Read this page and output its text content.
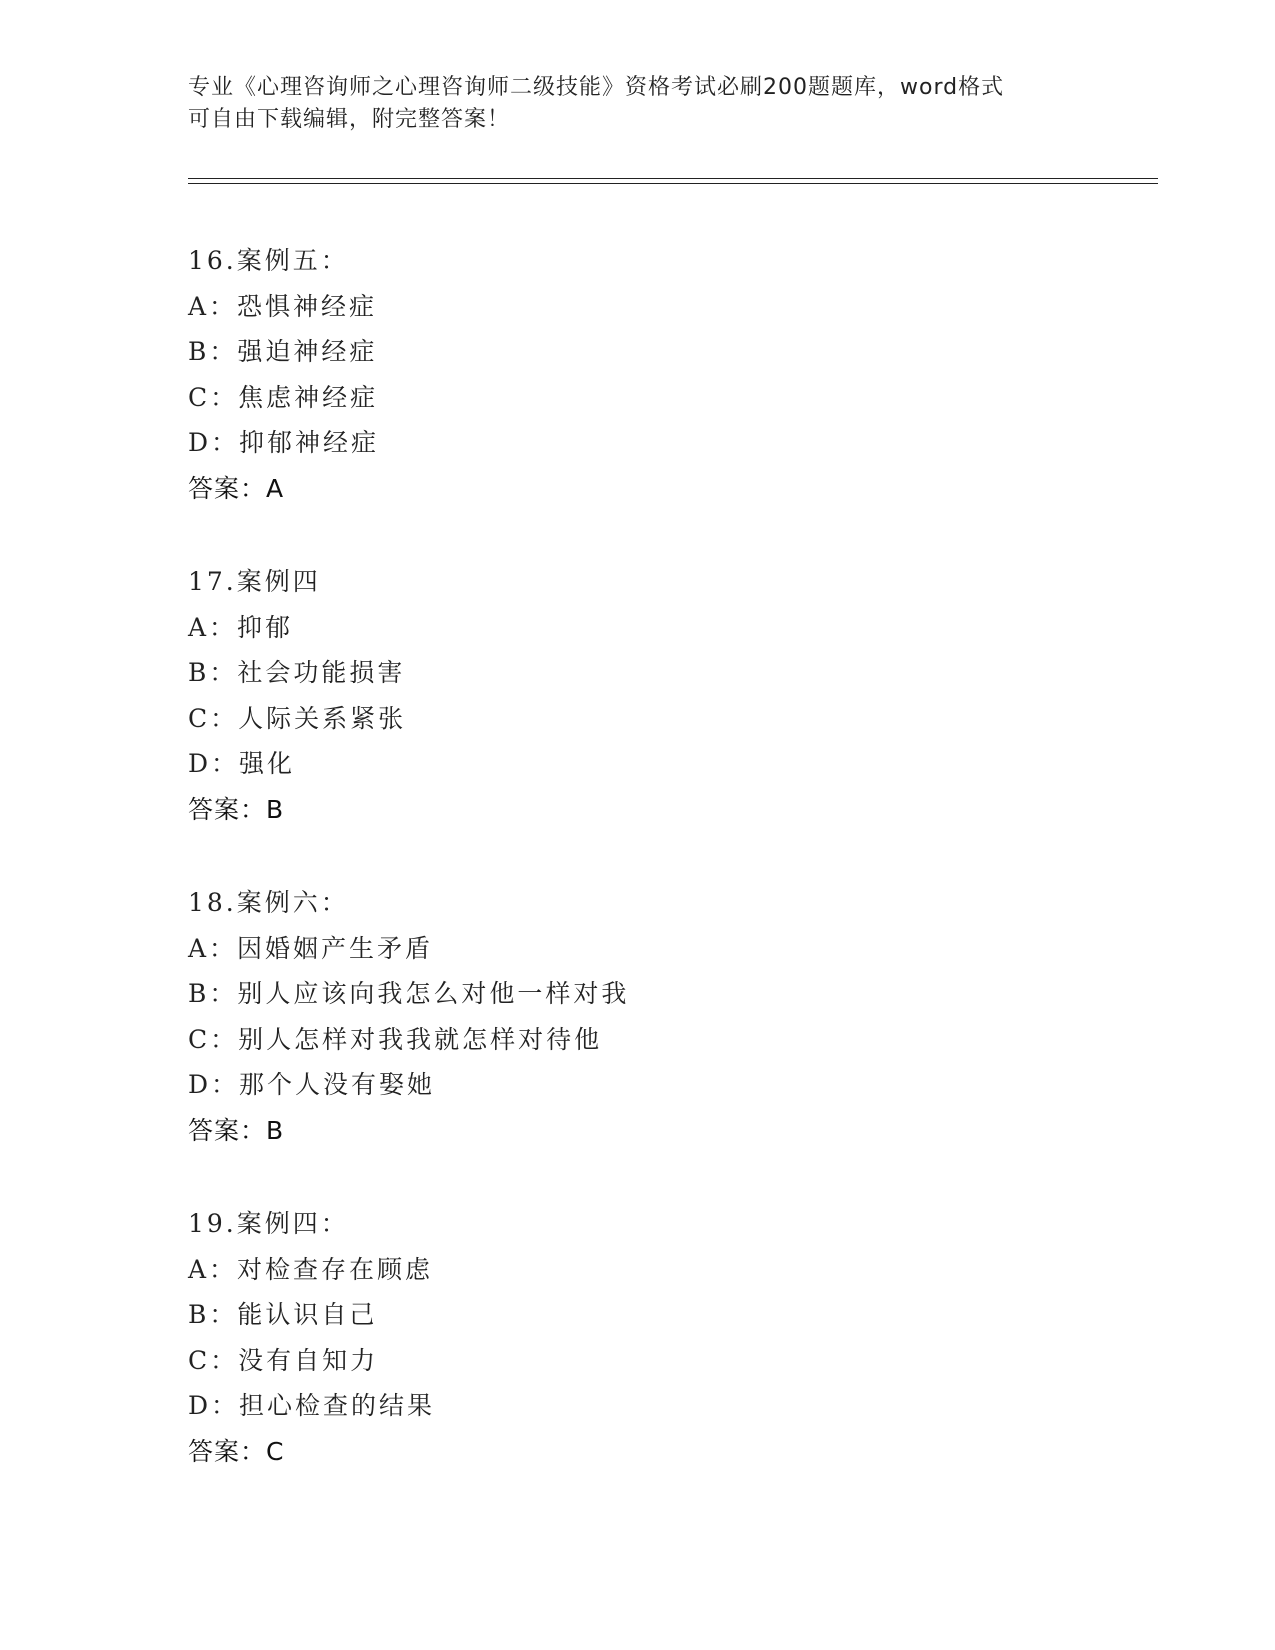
专业《心理咨询师之心理咨询师二级技能》资格考试必刷200题题库，word格式
可自由下载编辑，附完整答案！
16.案例五：
A：恐惧神经症
B：强迫神经症
C：焦虑神经症
D：抑郁神经症
答案：A
17.案例四
A：抑郁
B：社会功能损害
C：人际关系紧张
D：强化
答案：B
18.案例六：
A：因婚姻产生矛盾
B：别人应该向我怎么对他一样对我
C：别人怎样对我我就怎样对待他
D：那个人没有娶她
答案：B
19.案例四：
A：对检查存在顾虑
B：能认识自己
C：没有自知力
D：担心检查的结果
答案：C
